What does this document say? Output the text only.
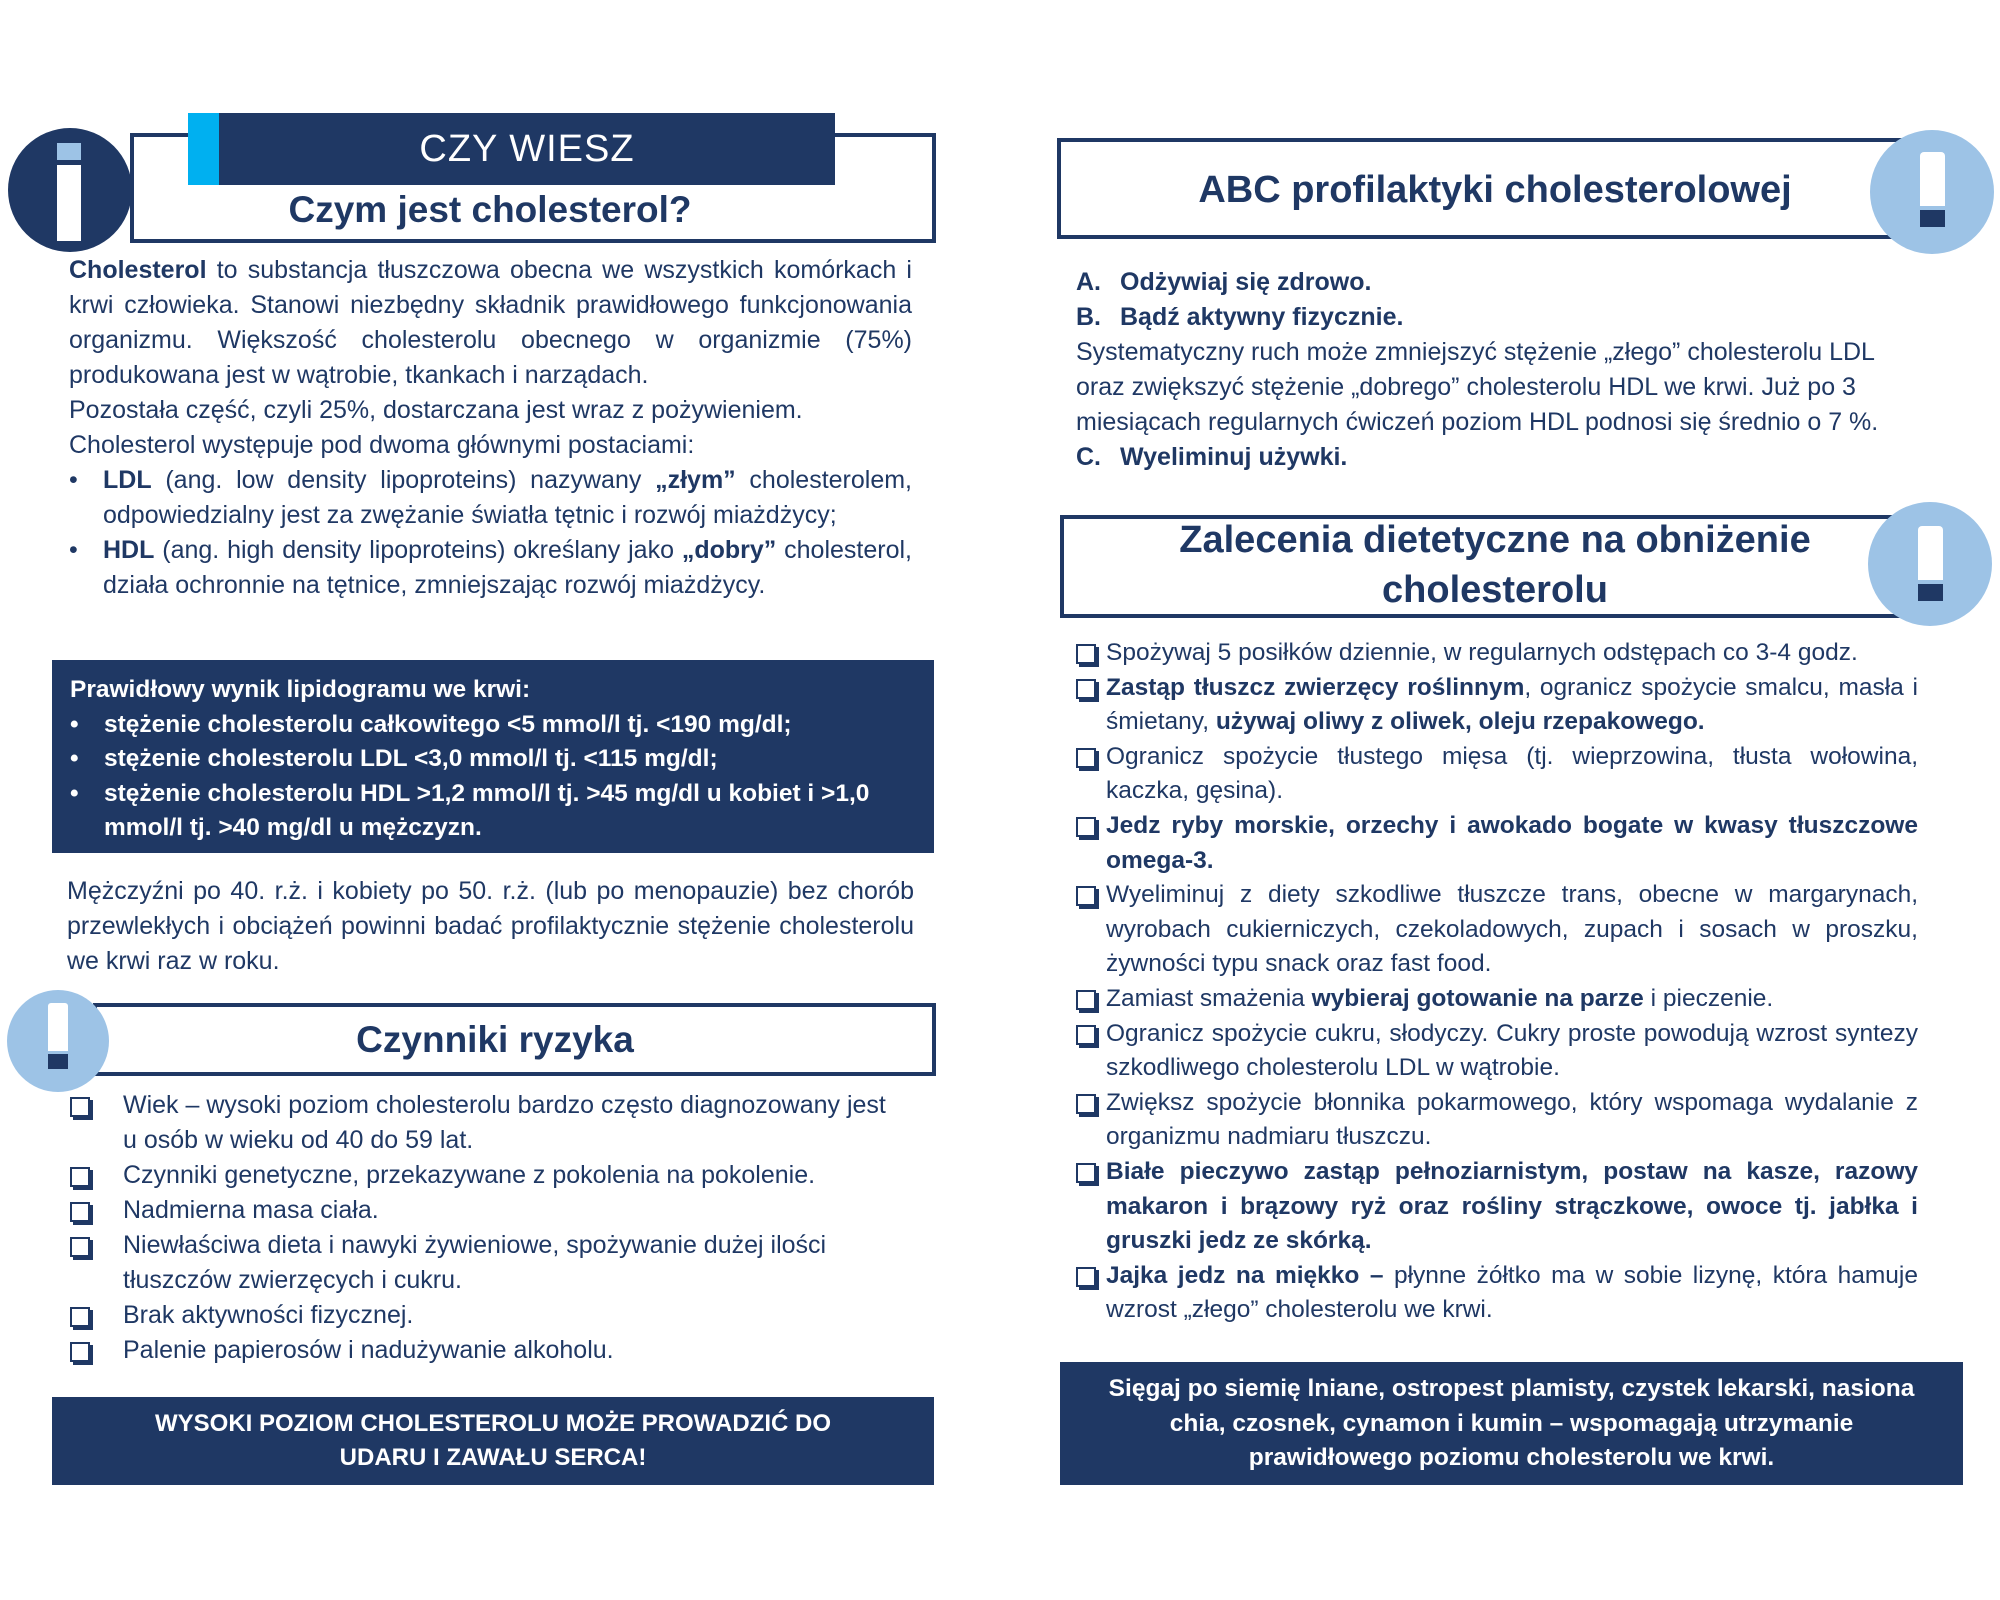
CZY WIESZ
Czym jest cholesterol?

Cholesterol to substancja tłuszczowa obecna we wszystkich komórkach i krwi człowieka. Stanowi niezbędny składnik prawidłowego funkcjonowania organizmu. Większość cholesterolu obecnego w organizmie (75%) produkowana jest w wątrobie, tkankach i narządach.

Pozostała część, czyli 25%, dostarczana jest wraz z pożywieniem.

Cholesterol występuje pod dwoma głównymi postaciami:

• LDL (ang. low density lipoproteins) nazywany „złym” cholesterolem, odpowiedzialny jest za zwężanie światła tętnic i rozwój miażdżycy;
• HDL (ang. high density lipoproteins) określany jako „dobry” cholesterol, działa ochronnie na tętnice, zmniejszając rozwój miażdżycy.
Prawidłowy wynik lipidogramu we krwi:
• stężenie cholesterolu całkowitego <5 mmol/l tj. <190 mg/dl;
• stężenie cholesterolu LDL <3,0 mmol/l tj. <115 mg/dl;
• stężenie cholesterolu HDL >1,2 mmol/l tj. >45 mg/dl u kobiet i >1,0 mmol/l tj. >40 mg/dl u mężczyzn.
Mężczyźni po 40. r.ż. i kobiety po 50. r.ż. (lub po menopauzie) bez chorób przewlekłych i obciążeń powinni badać profilaktycznie stężenie cholesterolu we krwi raz w roku.
Czynniki ryzyka
Wiek – wysoki poziom cholesterolu bardzo często diagnozowany jest u osób w wieku od 40 do 59 lat.
Czynniki genetyczne, przekazywane z pokolenia na pokolenie.
Nadmierna masa ciała.
Niewłaściwa dieta i nawyki żywieniowe, spożywanie dużej ilości tłuszczów zwierzęcych i cukru.
Brak aktywności fizycznej.
Palenie papierosów i nadużywanie alkoholu.
WYSOKI POZIOM CHOLESTEROLU MOŻE PROWADZIĆ DO
UDARU I ZAWAŁU SERCA!
ABC profilaktyki cholesterolowej

A. Odżywiaj się zdrowo.

B. Bądź aktywny fizycznie.

Systematyczny ruch może zmniejszyć stężenie „złego” cholesterolu LDL oraz zwiększyć stężenie „dobrego” cholesterolu HDL we krwi. Już po 3 miesiącach regularnych ćwiczeń poziom HDL podnosi się średnio o 7 %.

C. Wyeliminuj używki.

Zalecenia dietetyczne na obniżenie
cholesterolu
Spożywaj 5 posiłków dziennie, w regularnych odstępach co 3-4 godz.
Zastąp tłuszcz zwierzęcy roślinnym, ogranicz spożycie smalcu, masła i śmietany, używaj oliwy z oliwek, oleju rzepakowego.
Ogranicz spożycie tłustego mięsa (tj. wieprzowina, tłusta wołowina, kaczka, gęsina).
Jedz ryby morskie, orzechy i awokado bogate w kwasy tłuszczowe omega-3.
Wyeliminuj z diety szkodliwe tłuszcze trans, obecne w margarynach, wyrobach cukierniczych, czekoladowych, zupach i sosach w proszku, żywności typu snack oraz fast food.
Zamiast smażenia wybieraj gotowanie na parze i pieczenie.
Ogranicz spożycie cukru, słodyczy. Cukry proste powodują wzrost syntezy szkodliwego cholesterolu LDL w wątrobie.
Zwiększ spożycie błonnika pokarmowego, który wspomaga wydalanie z organizmu nadmiaru tłuszczu.
Białe pieczywo zastąp pełnoziarnistym, postaw na kasze, razowy makaron i brązowy ryż oraz rośliny strączkowe, owoce tj. jabłka i gruszki jedz ze skórką.
Jajka jedz na miękko – płynne żółtko ma w sobie lizynę, która hamuje wzrost „złego” cholesterolu we krwi.
Sięgaj po siemię lniane, ostropest plamisty, czystek lekarski, nasiona chia, czosnek, cynamon i kumin – wspomagają utrzymanie prawidłowego poziomu cholesterolu we krwi.
